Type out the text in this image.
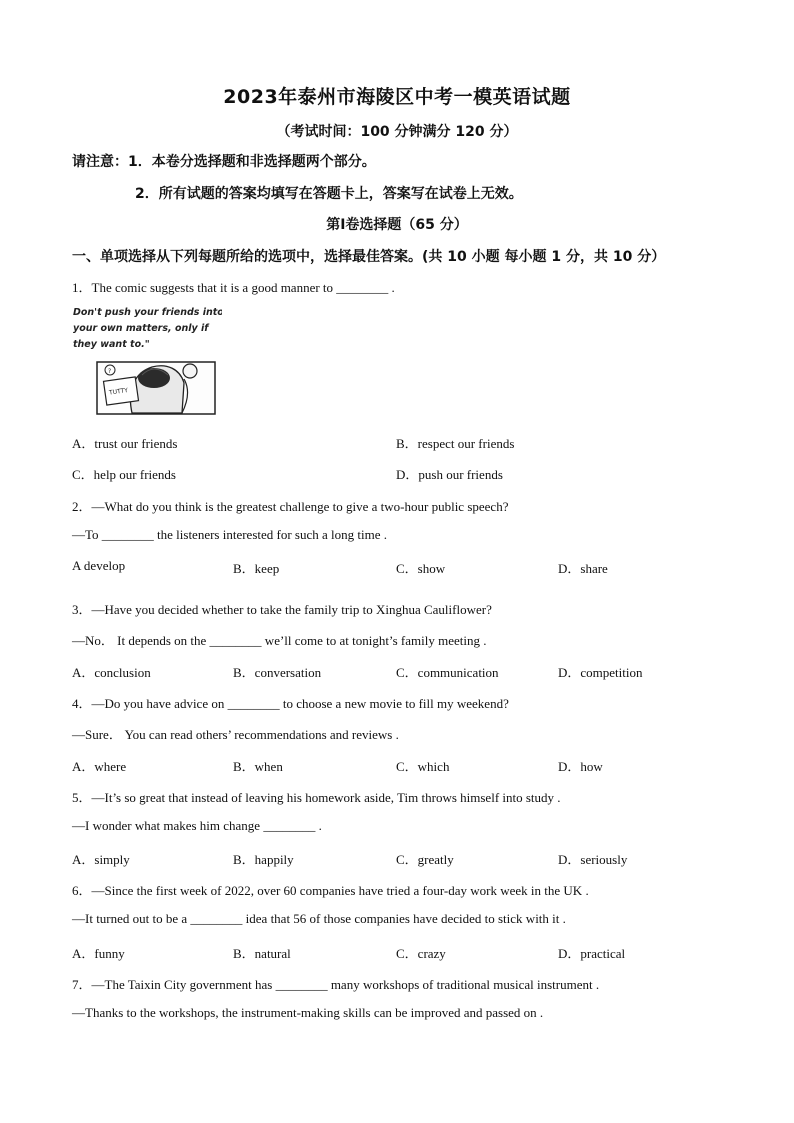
2023年泰州市海陵区中考一模英语试题
（考试时间：100 分钟满分 120 分）
请注意：1．本卷分选择题和非选择题两个部分。
2．所有试题的答案均填写在答题卡上，答案写在试卷上无效。
第Ⅰ卷选择题（65 分）
一、单项选择从下列每题所给的选项中，选择最佳答案。(共 10 小题 每小题 1 分，共 10 分）
1．The comic suggests that it is a good manner to ________ .
Don't push your friends into
your own matters, only if
they want to."
TUTTY
?
A．trust our friends	B．respect our friends
C．help our friends	D．push our friends
2．—What do you think is the greatest challenge to give a two-hour public speech?
—To ________ the listeners interested for such a long time .
A develop	B．keep	C．show	D．share
3．—Have you decided whether to take the family trip to Xinghua Cauliflower?
—No． It depends on the ________ we’ll come to at tonight’s family meeting .
A．conclusion	B．conversation	C．communication	D．competition
4．—Do you have advice on ________ to choose a new movie to fill my weekend?
—Sure． You can read others’ recommendations and reviews .
A．where	B．when	C．which	D．how
5．—It’s so great that instead of leaving his homework aside, Tim throws himself into study .
—I wonder what makes him change ________ .
A．simply	B．happily	C．greatly	D．seriously
6．—Since the first week of 2022, over 60 companies have tried a four-day work week in the UK .
—It turned out to be a ________ idea that 56 of those companies have decided to stick with it .
A．funny	B．natural	C．crazy	D．practical
7．—The Taixin City government has ________ many workshops of traditional musical instrument .
—Thanks to the workshops, the instrument-making skills can be improved and passed on .
